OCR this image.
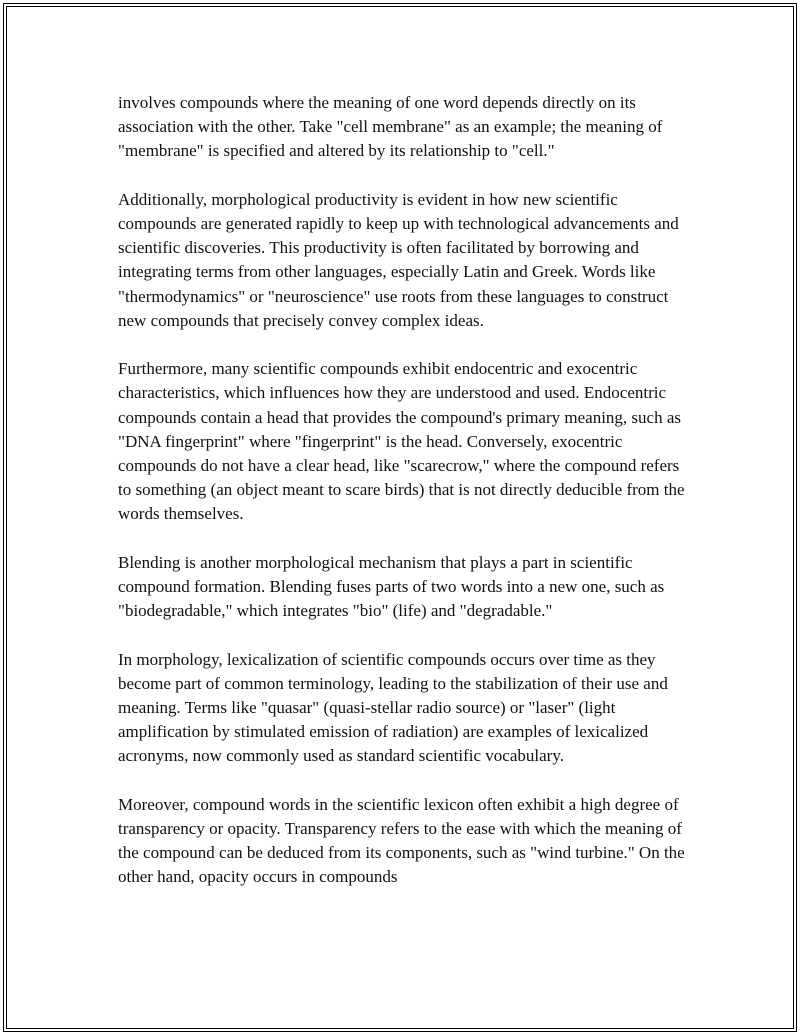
involves compounds where the meaning of one word depends directly on its association with the other. Take "cell membrane" as an example; the meaning of "membrane" is specified and altered by its relationship to "cell."

Additionally, morphological productivity is evident in how new scientific compounds are generated rapidly to keep up with technological advancements and scientific discoveries. This productivity is often facilitated by borrowing and integrating terms from other languages, especially Latin and Greek. Words like "thermodynamics" or "neuroscience" use roots from these languages to construct new compounds that precisely convey complex ideas.

Furthermore, many scientific compounds exhibit endocentric and exocentric characteristics, which influences how they are understood and used. Endocentric compounds contain a head that provides the compound's primary meaning, such as "DNA fingerprint" where "fingerprint" is the head. Conversely, exocentric compounds do not have a clear head, like "scarecrow," where the compound refers to something (an object meant to scare birds) that is not directly deducible from the words themselves.

Blending is another morphological mechanism that plays a part in scientific compound formation. Blending fuses parts of two words into a new one, such as "biodegradable," which integrates "bio" (life) and "degradable."

In morphology, lexicalization of scientific compounds occurs over time as they become part of common terminology, leading to the stabilization of their use and meaning. Terms like "quasar" (quasi-stellar radio source) or "laser" (light amplification by stimulated emission of radiation) are examples of lexicalized acronyms, now commonly used as standard scientific vocabulary.

Moreover, compound words in the scientific lexicon often exhibit a high degree of transparency or opacity. Transparency refers to the ease with which the meaning of the compound can be deduced from its components, such as "wind turbine." On the other hand, opacity occurs in compounds
